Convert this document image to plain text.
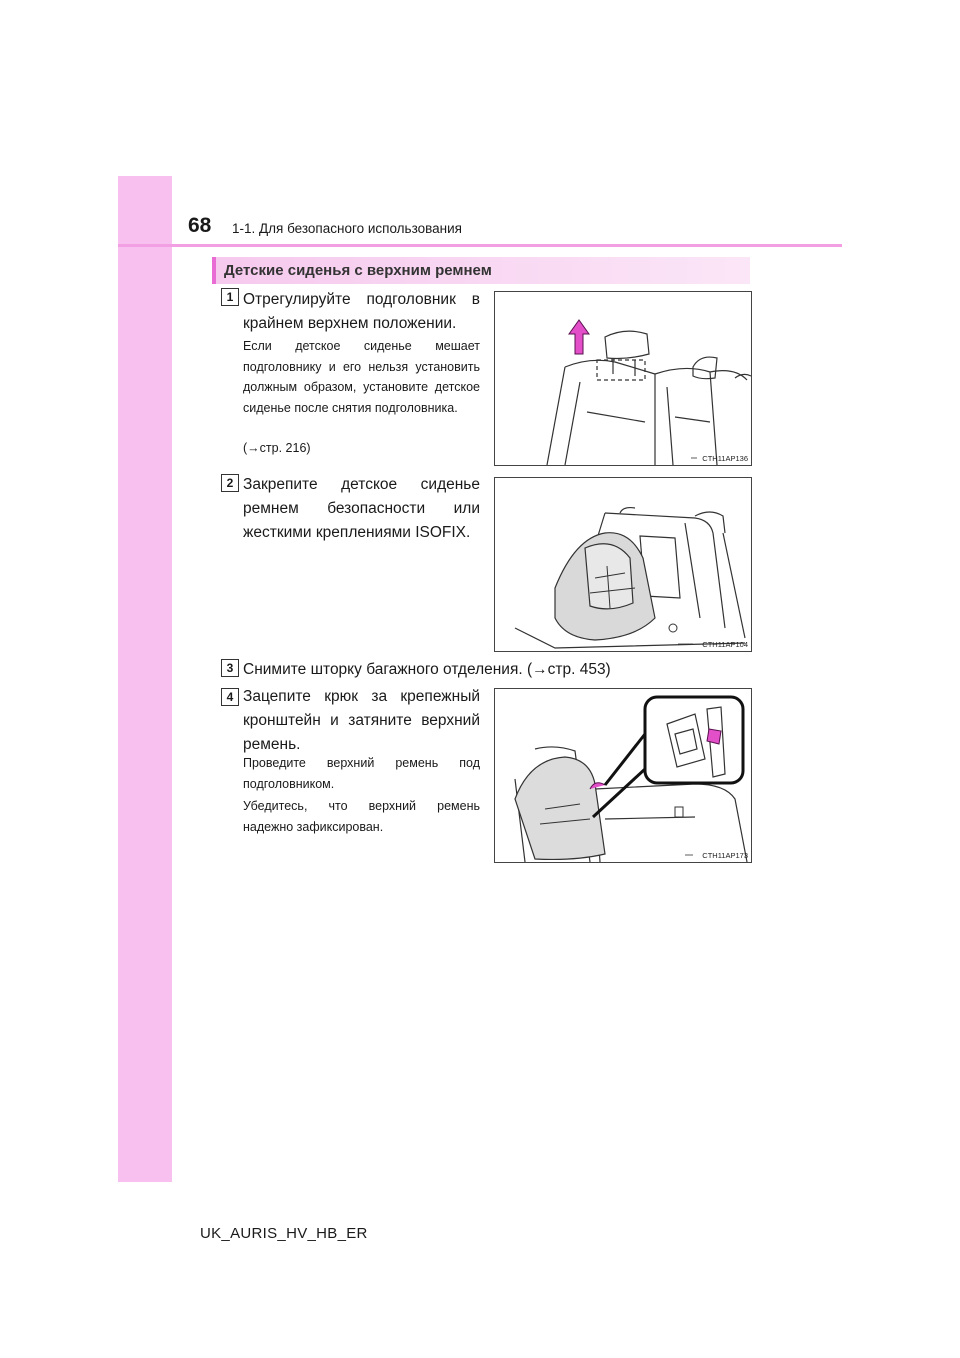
68 1-1. Для безопасного использования
Детские сиденья с верхним ремнем
1 Отрегулируйте подголовник в крайнем верхнем положении.
Если детское сиденье мешает подголовнику и его нельзя установить должным образом, установите детское сиденье после снятия подголовника.
(→стр. 216)
CTH11AP136
2 Закрепите детское сиденье ремнем безопасности или жесткими креплениями ISOFIX.
CTH11AP104
3 Снимите шторку багажного отделения. (→стр. 453)
4 Зацепите крюк за крепежный кронштейн и затяните верхний ремень.
Проведите верхний ремень под подголовником.
Убедитесь, что верхний ремень надежно зафиксирован.
CTH11AP173
UK_AURIS_HV_HB_ER
